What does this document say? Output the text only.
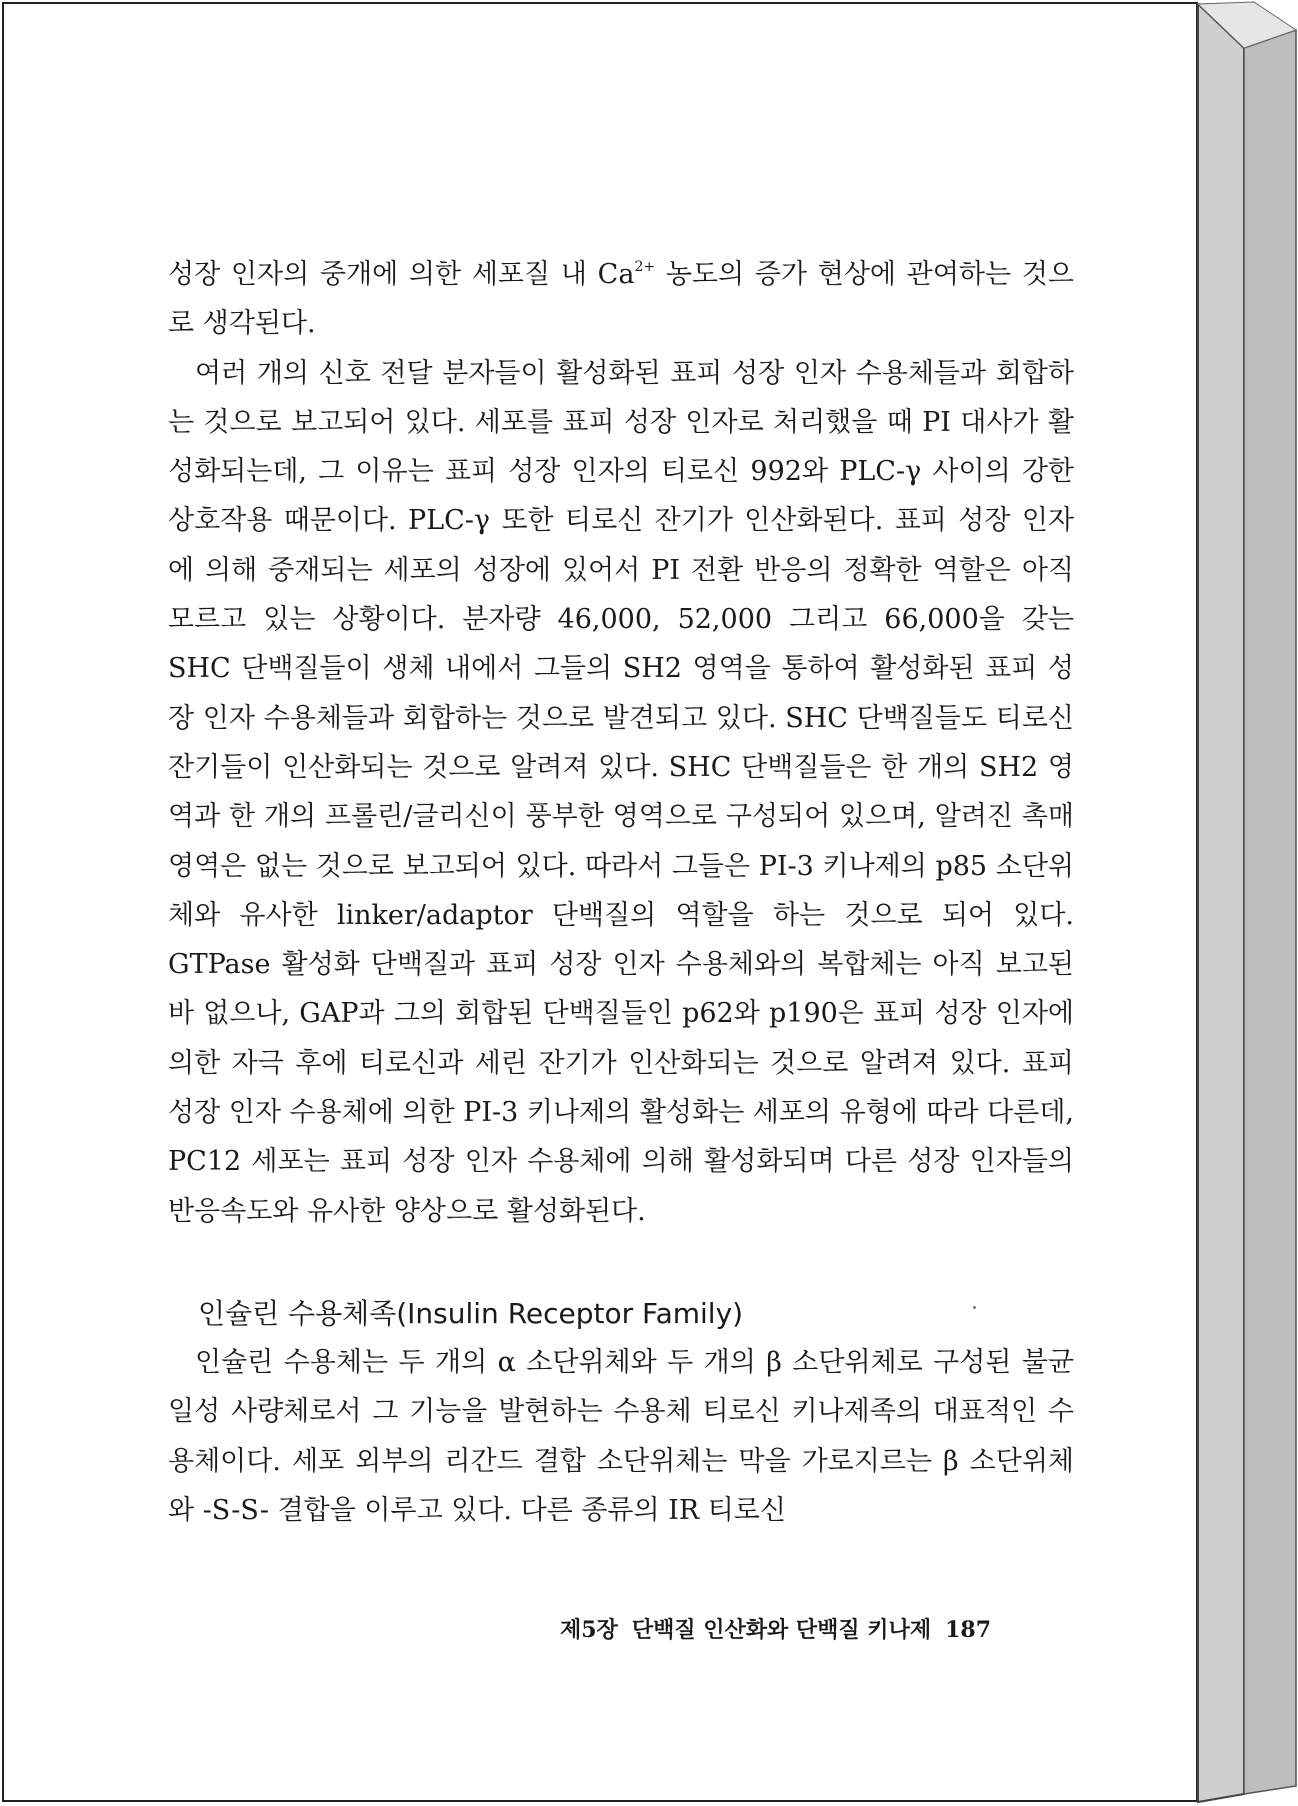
성장 인자의 중개에 의한 세포질 내 $Ca^{2+}$ 농도의 증가 현상에 관여하는 것으로 생각된다.

여러 개의 신호 전달 분자들이 활성화된 표피 성장 인자 수용체들과 회합하는 것으로 보고되어 있다. 세포를 표피 성장 인자로 처리했을 때 PI 대사가 활성화되는데, 그 이유는 표피 성장 인자의 티로신 992와 PLC-γ 사이의 강한 상호작용 때문이다. PLC-γ 또한 티로신 잔기가 인산화된다. 표피 성장 인자에 의해 중재되는 세포의 성장에 있어서 PI 전환 반응의 정확한 역할은 아직 모르고 있는 상황이다. 분자량 46,000, 52,000 그리고 66,000을 갖는 SHC 단백질들이 생체 내에서 그들의 SH2 영역을 통하여 활성화된 표피 성장 인자 수용체들과 회합하는 것으로 발견되고 있다. SHC 단백질들도 티로신 잔기들이 인산화되는 것으로 알려져 있다. SHC 단백질들은 한 개의 SH2 영역과 한 개의 프롤린/글리신이 풍부한 영역으로 구성되어 있으며, 알려진 촉매 영역은 없는 것으로 보고되어 있다. 따라서 그들은 PI-3 키나제의 p85 소단위체와 유사한 linker/adaptor 단백질의 역할을 하는 것으로 되어 있다. GTPase 활성화 단백질과 표피 성장 인자 수용체와의 복합체는 아직 보고된 바 없으나, GAP과 그의 회합된 단백질들인 p62와 p190은 표피 성장 인자에 의한 자극 후에 티로신과 세린 잔기가 인산화되는 것으로 알려져 있다. 표피 성장 인자 수용체에 의한 PI-3 키나제의 활성화는 세포의 유형에 따라 다른데, PC12 세포는 표피 성장 인자 수용체에 의해 활성화되며 다른 성장 인자들의 반응속도와 유사한 양상으로 활성화된다.

인슐린 수용체족(Insulin Receptor Family)

인슐린 수용체는 두 개의 α 소단위체와 두 개의 β 소단위체로 구성된 불균일성 사량체로서 그 기능을 발현하는 수용체 티로신 키나제족의 대표적인 수용체이다. 세포 외부의 리간드 결합 소단위체는 막을 가로지르는 β 소단위체와 -S-S- 결합을 이루고 있다. 다른 종류의 IR 티로신

제5장 단백질 인산화와 단백질 키나제 187
